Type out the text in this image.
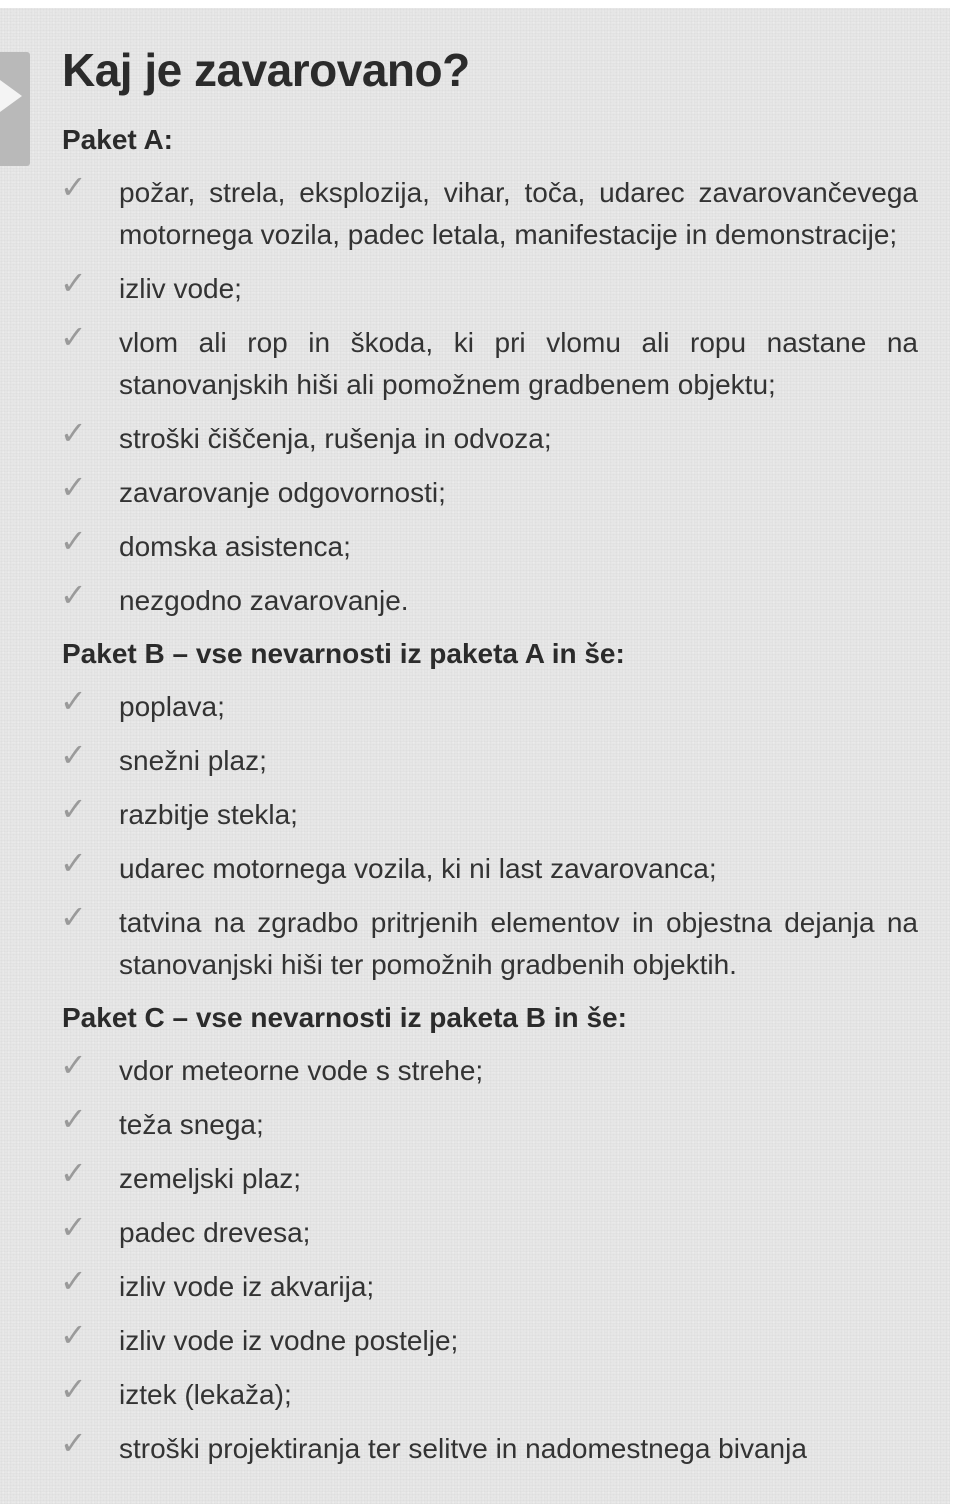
Kaj je zavarovano?
Paket A:
✓ požar, strela, eksplozija, vihar, toča, udarec zavarovančevega motornega vozila, padec letala, manifestacije in demonstracije;
✓ izliv vode;
✓ vlom ali rop in škoda, ki pri vlomu ali ropu nastane na stanovanjskih hiši ali pomožnem gradbenem objektu;
✓ stroški čiščenja, rušenja in odvoza;
✓ zavarovanje odgovornosti;
✓ domska asistenca;
✓ nezgodno zavarovanje.
Paket B – vse nevarnosti iz paketa A in še:
✓ poplava;
✓ snežni plaz;
✓ razbitje stekla;
✓ udarec motornega vozila, ki ni last zavarovanca;
✓ tatvina na zgradbo pritrjenih elementov in objestna dejanja na stanovanjski hiši ter pomožnih gradbenih objektih.
Paket C – vse nevarnosti iz paketa B in še:
✓ vdor meteorne vode s strehe;
✓ teža snega;
✓ zemeljski plaz;
✓ padec drevesa;
✓ izliv vode iz akvarija;
✓ izliv vode iz vodne postelje;
✓ iztek (lekaža);
✓ stroški projektiranja ter selitve in nadomestnega bivanja
